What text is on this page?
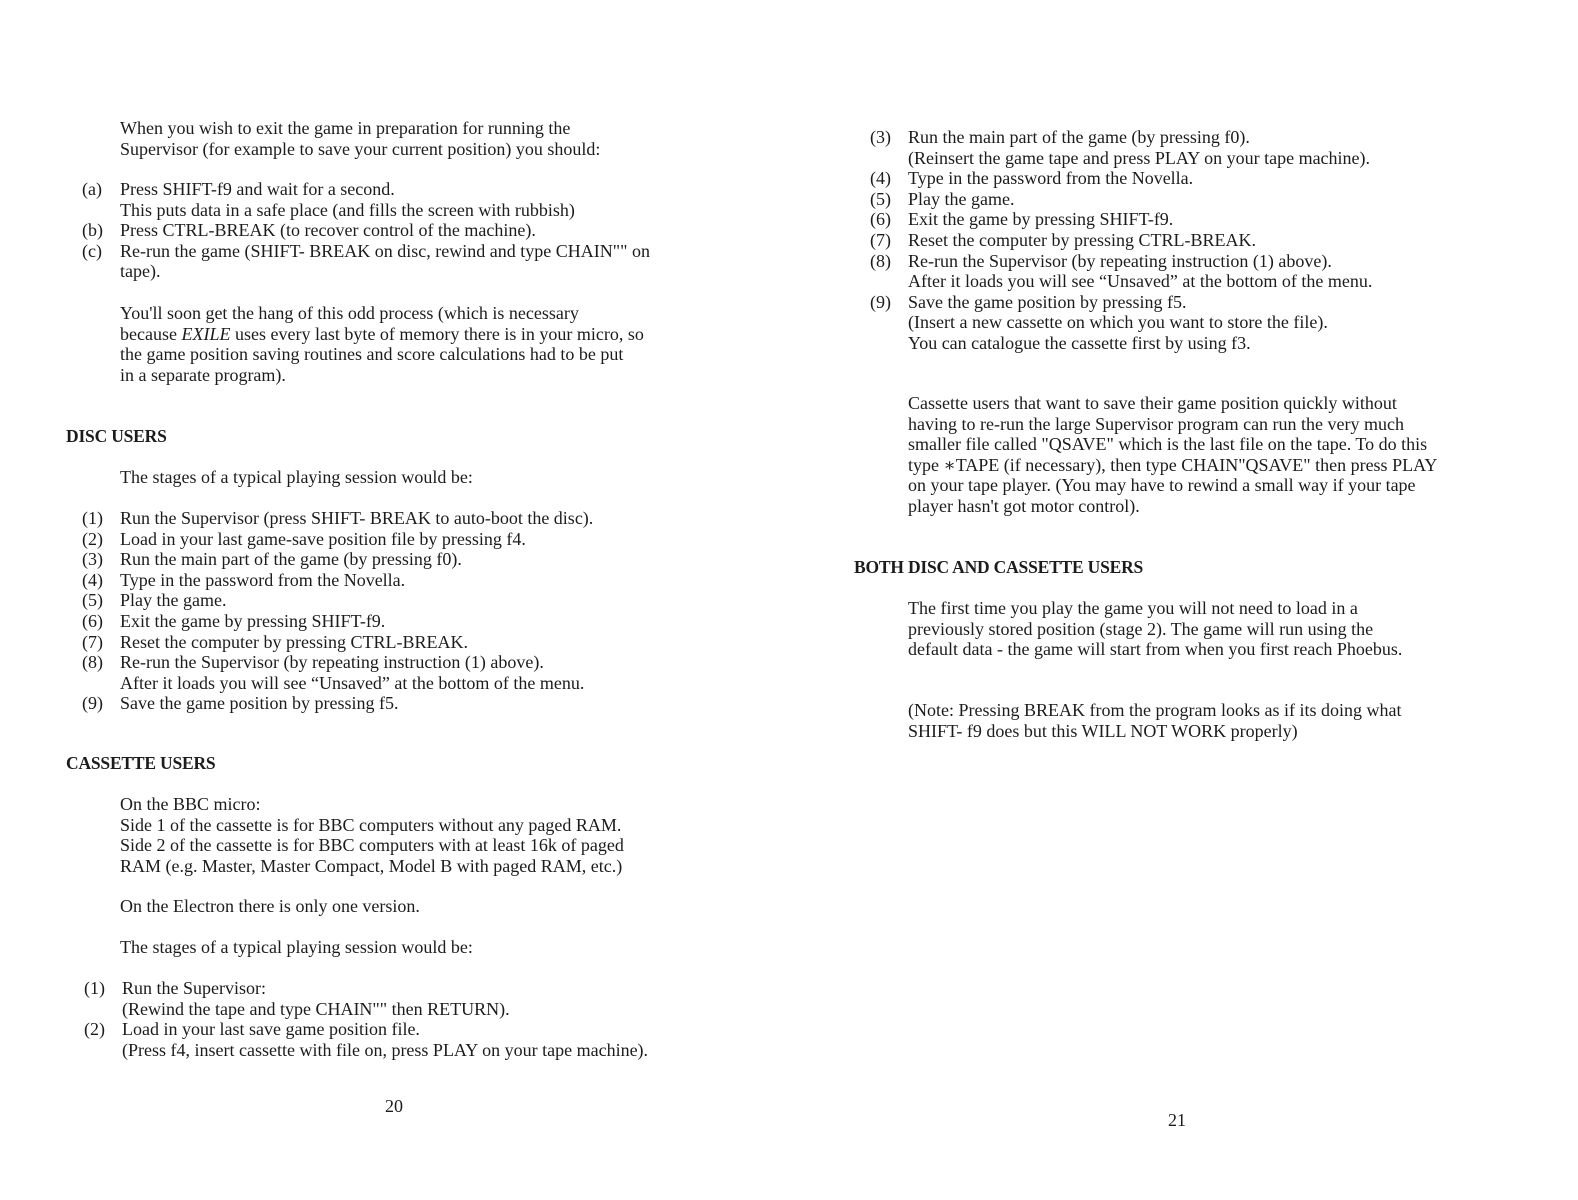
When you wish to exit the game in preparation for running the
Supervisor (for example to save your current position) you should:
(a)	Press SHIFT-f9 and wait for a second.
This puts data in a safe place (and fills the screen with rubbish)
(b) Press CTRL-BREAK (to recover control of the machine).
(c)	Re-run the game (SHIFT- BREAK on disc, rewind and type CHAIN"" on
tape).
You'll soon get the hang of this odd process (which is necessary
because EXILE uses every last byte of memory there is in your micro, so
the game position saving routines and score calculations had to be put
in a separate program).
DISC USERS
The stages of a typical playing session would be:
(1) Run the Supervisor (press SHIFT- BREAK to auto-boot the disc).
(2) Load in your last game-save position file by pressing f4.
(3) Run the main part of the game (by pressing f0).
(4) Type in the password from the Novella.
(5) Play the game.
(6) Exit the game by pressing SHIFT-f9.
(7) Reset the computer by pressing CTRL-BREAK.
(8) Re-run the Supervisor (by repeating instruction (1) above).
After it loads you will see “Unsaved” at the bottom of the menu.
(9) Save the game position by pressing f5.
CASSETTE USERS
On the BBC micro:
Side 1 of the cassette is for BBC computers without any paged RAM.
Side 2 of the cassette is for BBC computers with at least 16k of paged
RAM (e.g. Master, Master Compact, Model B with paged RAM, etc.)
On the Electron there is only one version.
The stages of a typical playing session would be:
(1) Run the Supervisor:
(Rewind the tape and type CHAIN"" then RETURN).
(2) Load in your last save game position file.
(Press f4, insert cassette with file on, press PLAY on your tape machine).
20
(3) Run the main part of the game (by pressing f0).
(Reinsert the game tape and press PLAY on your tape machine).
(4) Type in the password from the Novella.
(5) Play the game.
(6) Exit the game by pressing SHIFT-f9.
(7) Reset the computer by pressing CTRL-BREAK.
(8) Re-run the Supervisor (by repeating instruction (1) above).
After it loads you will see “Unsaved” at the bottom of the menu.
(9) Save the game position by pressing f5.
(Insert a new cassette on which you want to store the file).
You can catalogue the cassette first by using f3.
Cassette users that want to save their game position quickly without
having to re-run the large Supervisor program can run the very much
smaller file called "QSAVE" which is the last file on the tape. To do this
type ∗TAPE (if necessary), then type CHAIN"QSAVE" then press PLAY
on your tape player. (You may have to rewind a small way if your tape
player hasn't got motor control).
BOTH DISC AND CASSETTE USERS
The first time you play the game you will not need to load in a
previously stored position (stage 2). The game will run using the
default data - the game will start from when you first reach Phoebus.
(Note: Pressing BREAK from the program looks as if its doing what
SHIFT- f9 does but this WILL NOT WORK properly)
21
